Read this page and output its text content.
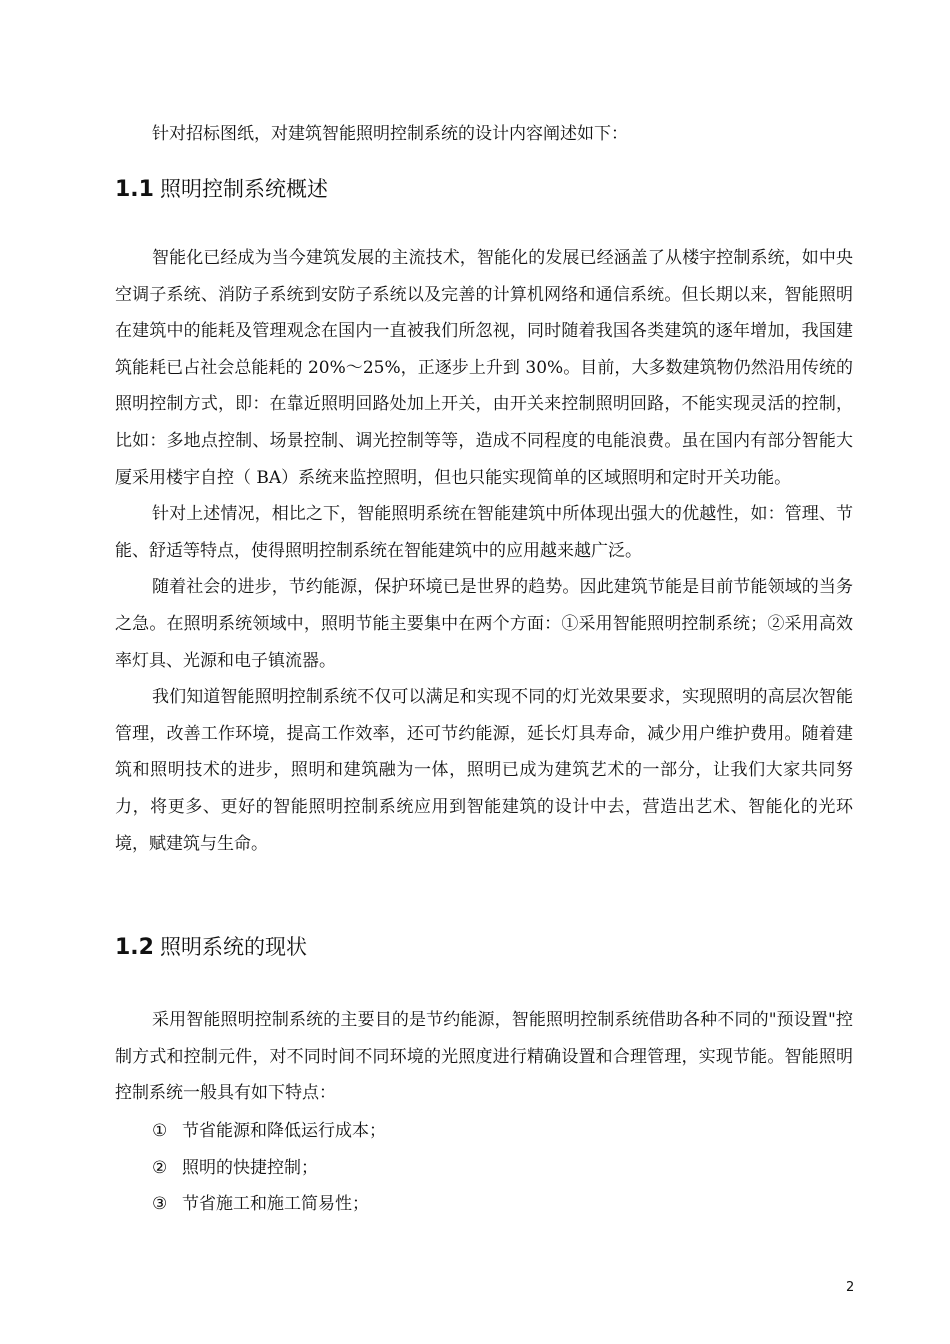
针对招标图纸，对建筑智能照明控制系统的设计内容阐述如下：

1.1 照明控制系统概述

智能化已经成为当今建筑发展的主流技术，智能化的发展已经涵盖了从楼宇控制系统，如中央空调子系统、消防子系统到安防子系统以及完善的计算机网络和通信系统。但长期以来，智能照明在建筑中的能耗及管理观念在国内一直被我们所忽视，同时随着我国各类建筑的逐年增加，我国建筑能耗已占社会总能耗的 20%～25%，正逐步上升到 30%。目前，大多数建筑物仍然沿用传统的照明控制方式，即：在靠近照明回路处加上开关，由开关来控制照明回路，不能实现灵活的控制，比如：多地点控制、场景控制、调光控制等等，造成不同程度的电能浪费。虽在国内有部分智能大厦采用楼宇自控（ BA）系统来监控照明，但也只能实现简单的区域照明和定时开关功能。

针对上述情况，相比之下，智能照明系统在智能建筑中所体现出强大的优越性，如：管理、节能、舒适等特点，使得照明控制系统在智能建筑中的应用越来越广泛。

随着社会的进步，节约能源，保护环境已是世界的趋势。因此建筑节能是目前节能领域的当务之急。在照明系统领域中，照明节能主要集中在两个方面：①采用智能照明控制系统；②采用高效率灯具、光源和电子镇流器。

我们知道智能照明控制系统不仅可以满足和实现不同的灯光效果要求，实现照明的高层次智能管理，改善工作环境，提高工作效率，还可节约能源，延长灯具寿命，减少用户维护费用。随着建筑和照明技术的进步，照明和建筑融为一体，照明已成为建筑艺术的一部分，让我们大家共同努力，将更多、更好的智能照明控制系统应用到智能建筑的设计中去，营造出艺术、智能化的光环境，赋建筑与生命。

1.2 照明系统的现状

采用智能照明控制系统的主要目的是节约能源，智能照明控制系统借助各种不同的"预设置"控制方式和控制元件，对不同时间不同环境的光照度进行精确设置和合理管理，实现节能。智能照明控制系统一般具有如下特点：

① 节省能源和降低运行成本；
② 照明的快捷控制；
③ 节省施工和施工简易性；
2
